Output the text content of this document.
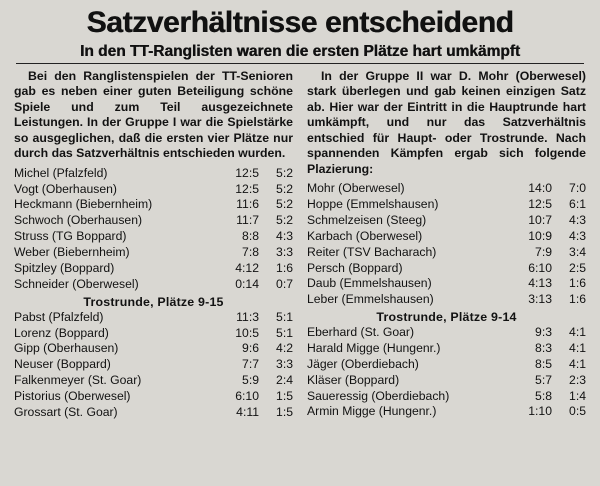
Satzverhältnisse entscheidend
In den TT-Ranglisten waren die ersten Plätze hart umkämpft

Bei den Ranglistenspielen der TT-Senioren gab es neben einer guten Beteiligung schöne Spiele und zum Teil ausgezeichnete Leistungen. In der Gruppe I war die Spielstärke so ausgeglichen, daß die ersten vier Plätze nur durch das Satzverhältnis entschieden wurden.

Michel (Pfalzfeld)	12:5	5:2
Vogt (Oberhausen)	12:5	5:2
Heckmann (Biebernheim)	11:6	5:2
Schwoch (Oberhausen)	11:7	5:2
Struss (TG Boppard)	8:8	4:3
Weber (Biebernheim)	7:8	3:3
Spitzley (Boppard)	4:12	1:6
Schneider (Oberwesel)	0:14	0:7
Trostrunde, Plätze 9-15
Pabst (Pfalzfeld)	11:3	5:1
Lorenz (Boppard)	10:5	5:1
Gipp (Oberhausen)	9:6	4:2
Neuser (Boppard)	7:7	3:3
Falkenmeyer (St. Goar)	5:9	2:4
Pistorius (Oberwesel)	6:10	1:5
Grossart (St. Goar)	4:11	1:5

In der Gruppe II war D. Mohr (Oberwesel) stark überlegen und gab keinen einzigen Satz ab. Hier war der Eintritt in die Hauptrunde hart umkämpft, und nur das Satzverhältnis entschied für Haupt- oder Trostrunde. Nach spannenden Kämpfen ergab sich folgende Plazierung:

Mohr (Oberwesel)	14:0	7:0
Hoppe (Emmelshausen)	12:5	6:1
Schmelzeisen (Steeg)	10:7	4:3
Karbach (Oberwesel)	10:9	4:3
Reiter (TSV Bacharach)	7:9	3:4
Persch (Boppard)	6:10	2:5
Daub (Emmelshausen)	4:13	1:6
Leber (Emmelshausen)	3:13	1:6
Trostrunde, Plätze 9-14
Eberhard (St. Goar)	9:3	4:1
Harald Migge (Hungenr.)	8:3	4:1
Jäger (Oberdiebach)	8:5	4:1
Kläser (Boppard)	5:7	2:3
Saueressig (Oberdiebach)	5:8	1:4
Armin Migge (Hungenr.)	1:10	0:5
